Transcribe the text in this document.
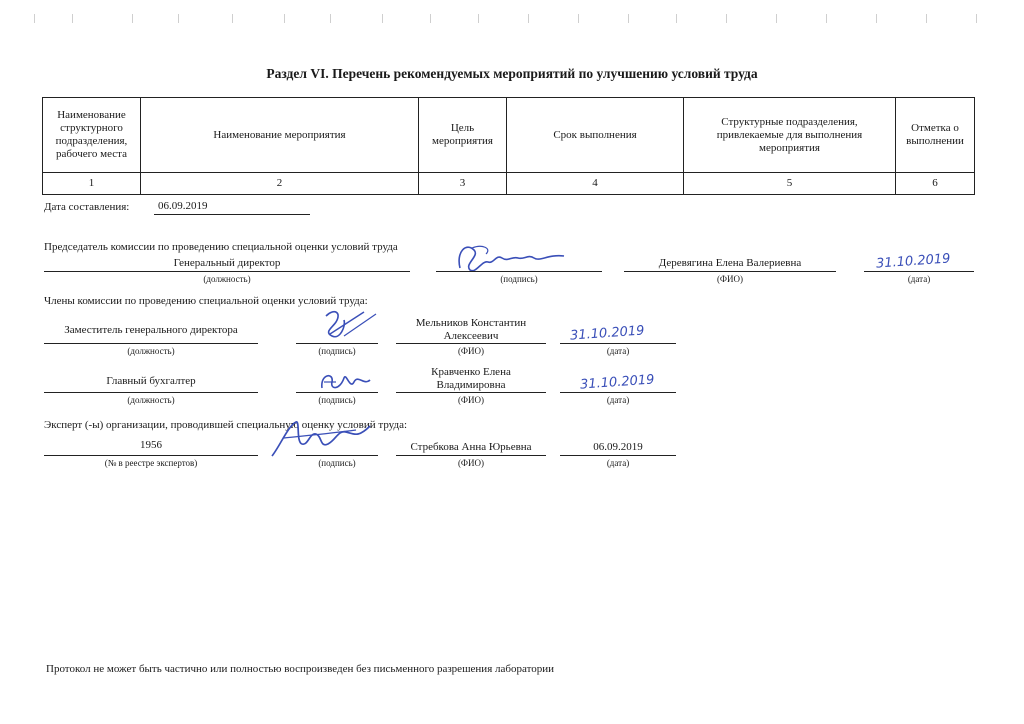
Раздел VI. Перечень рекомендуемых мероприятий по улучшению условий труда
Наименование структурного подразделения, рабочего места	Наименование мероприятия	Цель мероприятия	Срок выполнения	Структурные подразделения, привлекаемые для выполнения мероприятия	Отметка о выполнении
1	2	3	4	5	6
Дата составления:	06.09.2019
Председатель комиссии по проведению специальной оценки условий труда
Генеральный директор
(должность)	(подпись)
Деревягина Елена Валериевна
(ФИО)
31.10.2019
(дата)
Члены комиссии по проведению специальной оценки условий труда:
Заместитель генерального директора
(должность)	(подпись)
Мельников Константин Алексеевич
(ФИО)
31.10.2019
(дата)
Главный бухгалтер
(должность)	(подпись)
Кравченко Елена Владимировна
(ФИО)
31.10.2019
(дата)
Эксперт (-ы) организации, проводившей специальную оценку условий труда:
1956
(№ в реестре экспертов)	(подпись)
Стребкова Анна Юрьевна
(ФИО)
06.09.2019
(дата)
Протокол не может быть частично или полностью воспроизведен без письменного разрешения лаборатории
